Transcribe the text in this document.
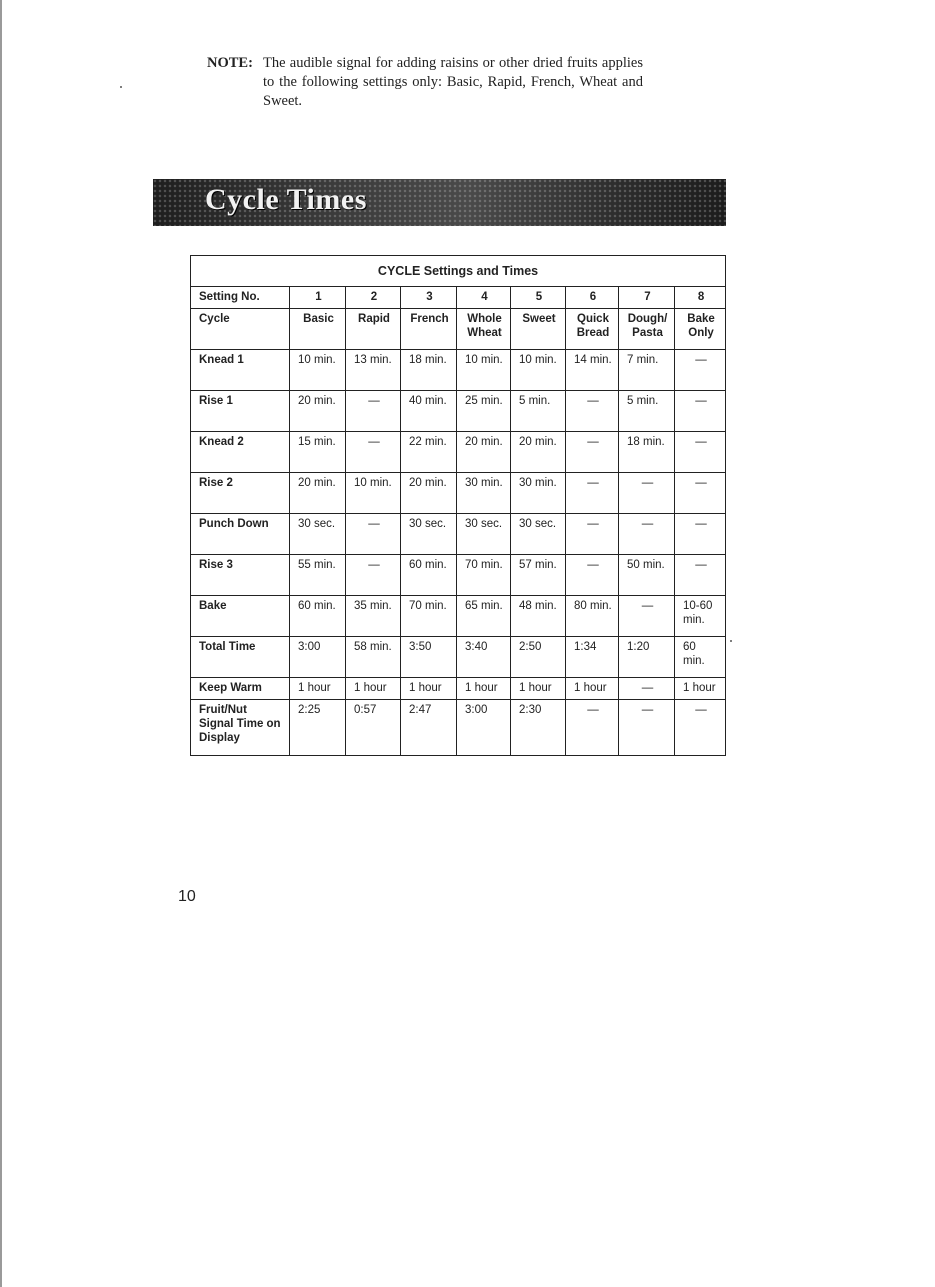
NOTE: The audible signal for adding raisins or other dried fruits applies to the following settings only: Basic, Rapid, French, Wheat and Sweet.
Cycle Times
CYCLE Settings and Times								
Setting No.	1	2	3	4	5	6	7	8
Cycle	Basic	Rapid	French	Whole Wheat	Sweet	Quick Bread	Dough/ Pasta	Bake Only
Knead 1	10 min.	13 min.	18 min.	10 min.	10 min.	14 min.	7 min.	—
Rise 1	20 min.	—	40 min.	25 min.	5 min.	—	5 min.	—
Knead 2	15 min.	—	22 min.	20 min.	20 min.	—	18 min.	—
Rise 2	20 min.	10 min.	20 min.	30 min.	30 min.	—	—	—
Punch Down	30 sec.	—	30 sec.	30 sec.	30 sec.	—	—	—
Rise 3	55 min.	—	60 min.	70 min.	57 min.	—	50 min.	—
Bake	60 min.	35 min.	70 min.	65 min.	48 min.	80 min.	—	10-60 min.
Total Time	3:00	58 min.	3:50	3:40	2:50	1:34	1:20	60 min.
Keep Warm	1 hour	1 hour	1 hour	1 hour	1 hour	1 hour	—	1 hour
Fruit/Nut Signal Time on Display	2:25	0:57	2:47	3:00	2:30	—	—	—
10
